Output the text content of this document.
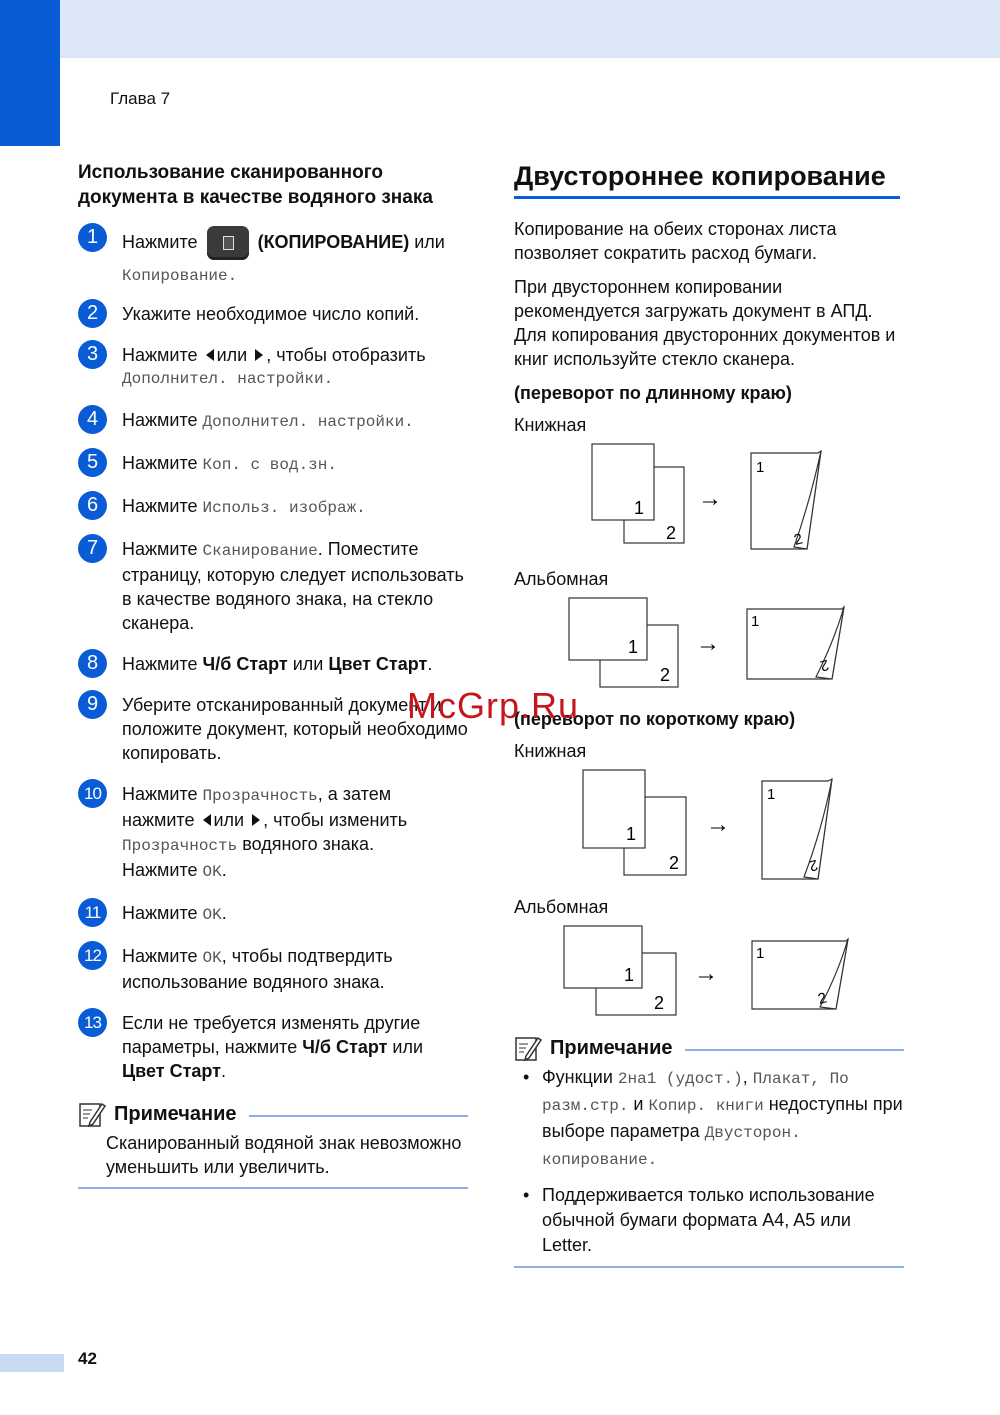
Глава 7
Использование сканированного документа в качестве водяного знака
1	Нажмите	(КОПИРОВАНИЕ) или
Копирование.
2	Укажите необходимое число копий.
3	Нажмите или , чтобы отобразить
Дополнител. настройки.
4	Нажмите Дополнител. настройки.
5	Нажмите Коп. с вод.зн.
6	Нажмите Использ. изображ.
7	Нажмите Сканирование. Поместите страницу, которую следует использовать в качестве водяного знака, на стекло сканера.
8	Нажмите Ч/б Старт или Цвет Старт.
9	Уберите отсканированный документ и положите документ, который необходимо копировать.
10	Нажмите Прозрачность, а затем нажмите или , чтобы изменить Прозрачность водяного знака.
Нажмите OK.
11	Нажмите OK.
12	Нажмите OK, чтобы подтвердить использование водяного знака.
13	Если не требуется изменять другие параметры, нажмите Ч/б Старт или Цвет Старт.
Примечание
Сканированный водяной знак невозможно уменьшить или увеличить.
Двустороннее копирование
Копирование на обеих сторонах листа позволяет сократить расход бумаги.
При двустороннем копировании рекомендуется загружать документ в АПД. Для копирования двусторонних документов и книг используйте стекло сканера.
(переворот по длинному краю)
Книжная
1
2
→
1
2
Альбомная
1
2
→
1
2
(переворот по короткому краю)
Книжная
1
2
→
1
2
Альбомная
1
2
→
1
2
Примечание
• Функции 2на1 (удост.), Плакат, По разм.стр. и Копир. книги недоступны при выборе параметра Двусторон. копирование.
• Поддерживается только использование обычной бумаги формата A4, A5 или Letter.
McGrp.Ru
42
